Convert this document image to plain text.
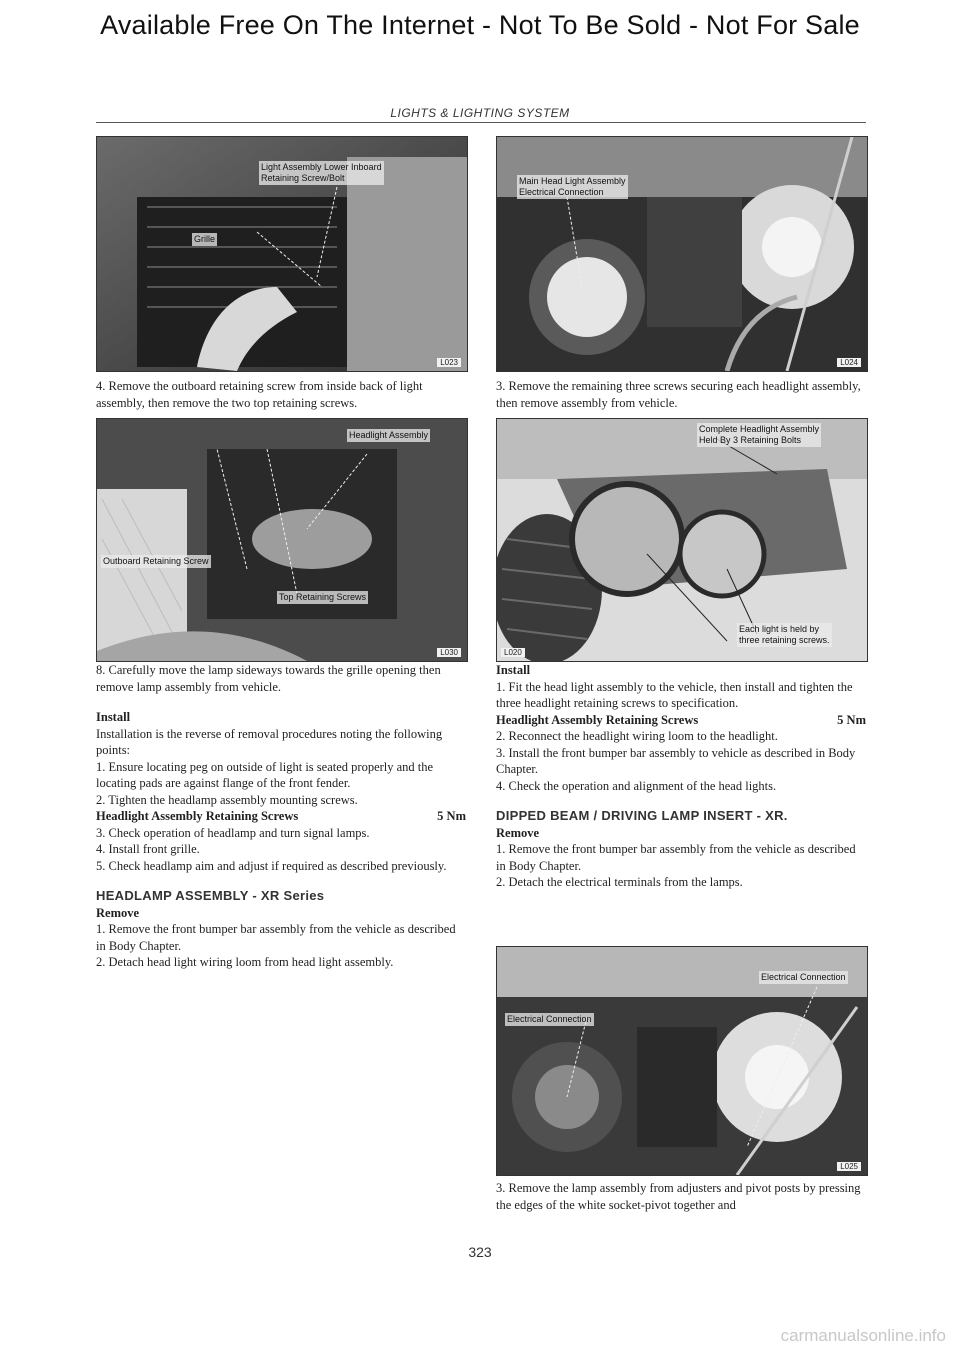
Available Free On The Internet - Not To Be Sold - Not For Sale
LIGHTS & LIGHTING SYSTEM
Light Assembly Lower Inboard
Retaining Screw/Bolt
Grille
L023
Main Head Light Assembly
Electrical Connection
L024
4. Remove the outboard retaining screw from inside back of light assembly, then remove the two top retaining screws.
3. Remove the remaining three screws securing each headlight assembly, then remove assembly from vehicle.
Headlight Assembly
Outboard Retaining Screw
Top Retaining Screws
L030
Complete Headlight Assembly
Held By 3 Retaining Bolts
Each light is held by
three retaining screws.
L020

8. Carefully move the lamp sideways towards the grille opening then remove lamp assembly from vehicle.

Install

Installation is the reverse of removal procedures noting the following points:

1. Ensure locating peg on outside of light is seated properly and the locating pads are against flange of the front fender.

2. Tighten the headlamp assembly mounting screws.

Headlight Assembly Retaining Screws	5 Nm

3. Check operation of headlamp and turn signal lamps.

4. Install front grille.

5. Check headlamp aim and adjust if required as described previously.

HEADLAMP ASSEMBLY - XR Series

Remove

1. Remove the front bumper bar assembly from the vehicle as described in Body Chapter.

2. Detach head light wiring loom from head light assembly.

Install

1. Fit the head light assembly to the vehicle, then install and tighten the three headlight retaining screws to specification.

Headlight Assembly Retaining Screws	5 Nm

2. Reconnect the headlight wiring loom to the headlight.

3. Install the front bumper bar assembly to vehicle as described in Body Chapter.

4. Check the operation and alignment of the head lights.

DIPPED BEAM / DRIVING LAMP INSERT - XR.

Remove

1. Remove the front bumper bar assembly from the vehicle as described in Body Chapter.

2. Detach the electrical terminals from the lamps.

Electrical Connection
Electrical Connection
L025
3. Remove the lamp assembly from adjusters and pivot posts by pressing the edges of the white socket-pivot together and
323
carmanualsonline.info
